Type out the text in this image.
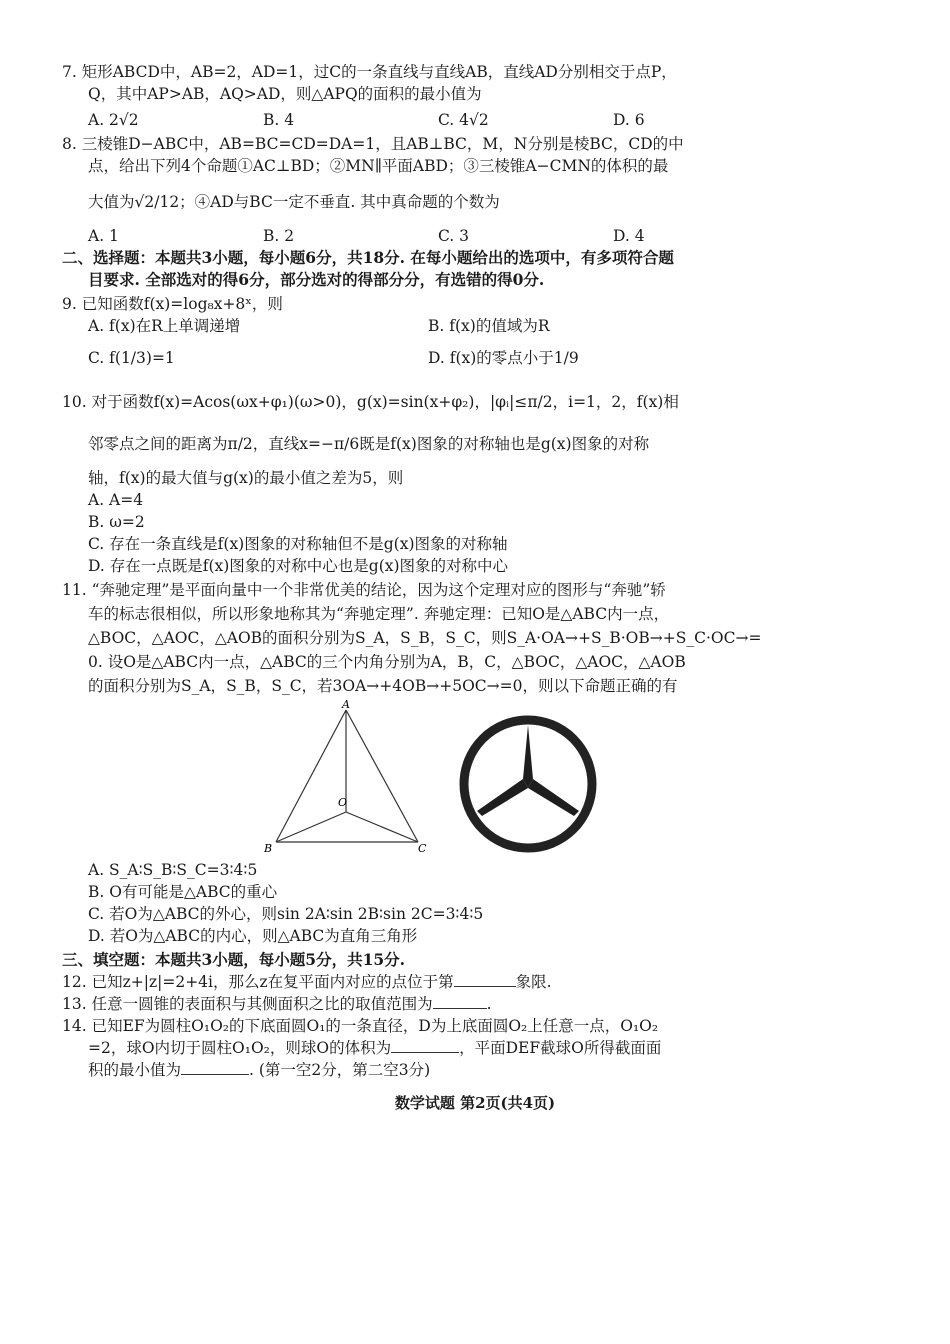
7. 矩形ABCD中，AB=2，AD=1，过C的一条直线与直线AB，直线AD分别相交于点P，
Q，其中AP>AB，AQ>AD，则△APQ的面积的最小值为
A. 2√2	B. 4	C. 4√2	D. 6
8. 三棱锥D−ABC中，AB=BC=CD=DA=1，且AB⊥BC，M，N分别是棱BC，CD的中
点，给出下列4个命题①AC⊥BD；②MN∥平面ABD；③三棱锥A−CMN的体积的最
大值为√2/12；④AD与BC一定不垂直. 其中真命题的个数为
A. 1	B. 2	C. 3	D. 4
二、选择题：本题共3小题，每小题6分，共18分. 在每小题给出的选项中，有多项符合题
目要求. 全部选对的得6分，部分选对的得部分分，有选错的得0分.
9. 已知函数f(x)=log₈x+8ˣ，则
A. f(x)在R上单调递增	B. f(x)的值域为R
C. f(1/3)=1	D. f(x)的零点小于1/9
10. 对于函数f(x)=Acos(ωx+φ₁)(ω>0)，g(x)=sin(x+φ₂)，|φᵢ|≤π/2，i=1，2，f(x)相
邻零点之间的距离为π/2，直线x=−π/6既是f(x)图象的对称轴也是g(x)图象的对称
轴，f(x)的最大值与g(x)的最小值之差为5，则
A. A=4
B. ω=2
C. 存在一条直线是f(x)图象的对称轴但不是g(x)图象的对称轴
D. 存在一点既是f(x)图象的对称中心也是g(x)图象的对称中心
11. “奔驰定理”是平面向量中一个非常优美的结论，因为这个定理对应的图形与“奔驰”轿
车的标志很相似，所以形象地称其为“奔驰定理”. 奔驰定理：已知O是△ABC内一点，
△BOC，△AOC，△AOB的面积分别为S_A，S_B，S_C，则S_A·OA→+S_B·OB→+S_C·OC→=
0. 设O是△ABC内一点，△ABC的三个内角分别为A，B，C，△BOC，△AOC，△AOB
的面积分别为S_A，S_B，S_C，若3OA→+4OB→+5OC→=0，则以下命题正确的有
A
B	C
O
A. S_A∶S_B∶S_C=3∶4∶5
B. O有可能是△ABC的重心
C. 若O为△ABC的外心，则sin 2A∶sin 2B∶sin 2C=3∶4∶5
D. 若O为△ABC的内心，则△ABC为直角三角形
三、填空题：本题共3小题，每小题5分，共15分.
12. 已知z+|z|=2+4i，那么z在复平面内对应的点位于第	象限.
13. 任意一圆锥的表面积与其侧面积之比的取值范围为	.
14. 已知EF为圆柱O₁O₂的下底面圆O₁的一条直径，D为上底面圆O₂上任意一点，O₁O₂
=2，球O内切于圆柱O₁O₂，则球O的体积为	，平面DEF截球O所得截面面
积的最小值为	. (第一空2分，第二空3分)
数学试题 第2页(共4页)
